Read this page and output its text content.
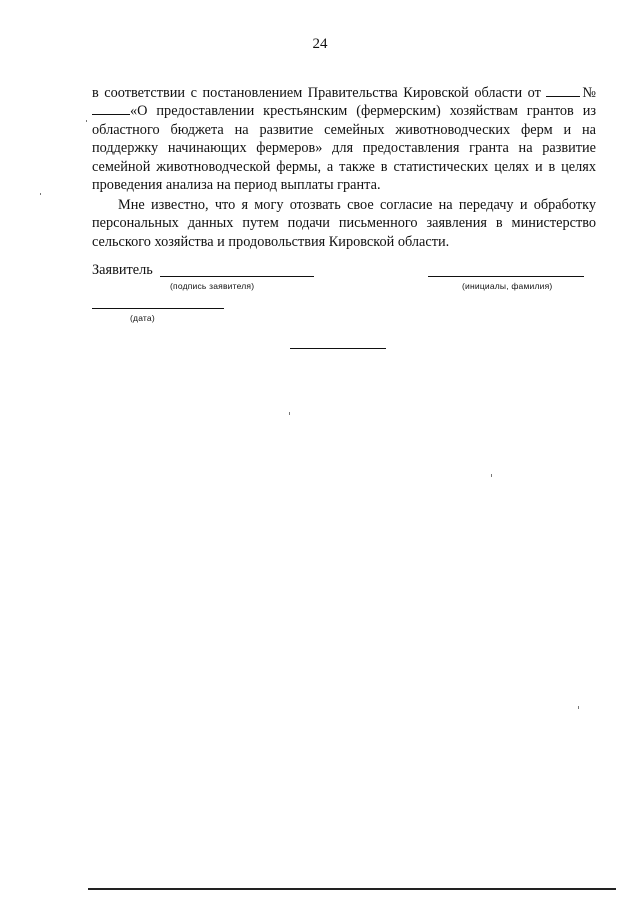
24

в соответствии с постановлением Правительства Кировской области от № «О предоставлении крестьянским (фермерским) хозяйствам грантов из областного бюджета на развитие семейных животноводческих ферм и на поддержку начинающих фермеров» для предоставления гранта на развитие семейной животноводческой фермы, а также в статистических целях и в целях проведения анализа на период выплаты гранта.

Мне известно, что я могу отозвать свое согласие на передачу и обработку персональных данных путем подачи письменного заявления в министерство сельского хозяйства и продовольствия Кировской области.

Заявитель
(подпись заявителя)	(инициалы, фамилия)
(дата)
